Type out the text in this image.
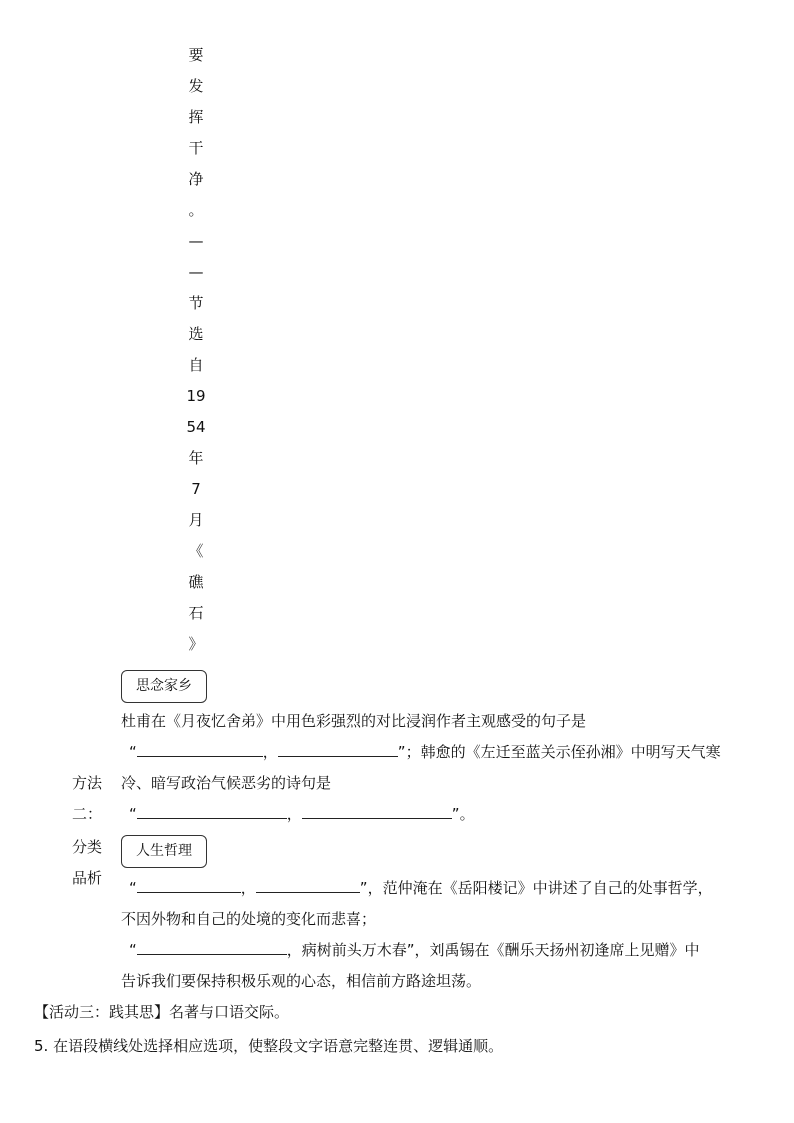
要
发
挥
干
净
。
—
—
节
选
自
19
54
年
7
月
《
礁
石
》
思念家乡
杜甫在《月夜忆舍弟》中用色彩强烈的对比浸润作者主观感受的句子是
“	，	”；韩愈的《左迁至蓝关示侄孙湘》中明写天气寒
方法 冷、暗写政治气候恶劣的诗句是
二： “	，	”。
分类	人生哲理
品析
“	，	”，范仲淹在《岳阳楼记》中讲述了自己的处事哲学，
不因外物和自己的处境的变化而悲喜；
“	，病树前头万木春”，刘禹锡在《酬乐天扬州初逢席上见赠》中
告诉我们要保持积极乐观的心态，相信前方路途坦荡。
【活动三：践其思】名著与口语交际。
5. 在语段横线处选择相应选项，使整段文字语意完整连贯、逻辑通顺。
